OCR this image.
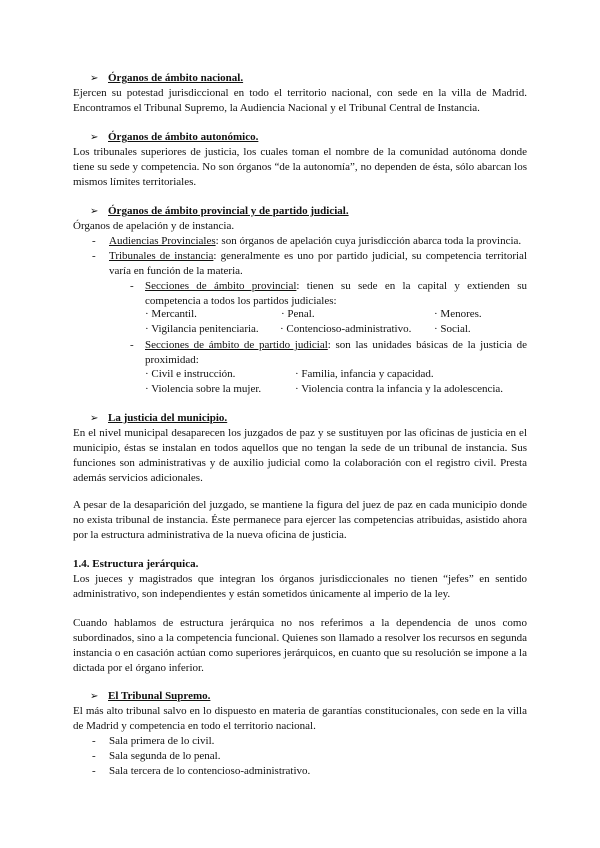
➢ Órganos de ámbito nacional.
Ejercen su potestad jurisdiccional en todo el territorio nacional, con sede en la villa de Madrid. Encontramos el Tribunal Supremo, la Audiencia Nacional y el Tribunal Central de Instancia.
➢ Órganos de ámbito autonómico.
Los tribunales superiores de justicia, los cuales toman el nombre de la comunidad autónoma donde tiene su sede y competencia. No son órganos “de la autonomía”, no dependen de ésta, sólo abarcan los mismos límites territoriales.
➢ Órganos de ámbito provincial y de partido judicial.
Órganos de apelación y de instancia.
- Audiencias Provinciales: son órganos de apelación cuya jurisdicción abarca toda la provincia.
- Tribunales de instancia: generalmente es uno por partido judicial, su competencia territorial varía en función de la materia.
- Secciones de ámbito provincial: tienen su sede en la capital y extienden su competencia a todos los partidos judiciales:
· Mercantil.	· Penal.	· Menores.
· Vigilancia penitenciaria. · Contencioso-administrativo. · Social.
- Secciones de ámbito de partido judicial: son las unidades básicas de la justicia de proximidad:
· Civil e instrucción.	· Familia, infancia y capacidad.
· Violencia sobre la mujer.	· Violencia contra la infancia y la adolescencia.
➢ La justicia del municipio.
En el nivel municipal desaparecen los juzgados de paz y se sustituyen por las oficinas de justicia en el municipio, éstas se instalan en todos aquellos que no tengan la sede de un tribunal de instancia. Sus funciones son administrativas y de auxilio judicial como la colaboración con el registro civil. Presta además servicios adicionales.
A pesar de la desaparición del juzgado, se mantiene la figura del juez de paz en cada municipio donde no exista tribunal de instancia. Éste permanece para ejercer las competencias atribuidas, asistido ahora por la estructura administrativa de la nueva oficina de justicia.
1.4. Estructura jerárquica.
Los jueces y magistrados que integran los órganos jurisdiccionales no tienen “jefes” en sentido administrativo, son independientes y están sometidos únicamente al imperio de la ley.
Cuando hablamos de estructura jerárquica no nos referimos a la dependencia de unos como subordinados, sino a la competencia funcional. Quienes son llamado a resolver los recursos en segunda instancia o en casación actúan como superiores jerárquicos, en cuanto que su resolución se impone a la dictada por el órgano inferior.
➢ El Tribunal Supremo.
El más alto tribunal salvo en lo dispuesto en materia de garantías constitucionales, con sede en la villa de Madrid y competencia en todo el territorio nacional.
- Sala primera de lo civil.
- Sala segunda de lo penal.
- Sala tercera de lo contencioso-administrativo.
